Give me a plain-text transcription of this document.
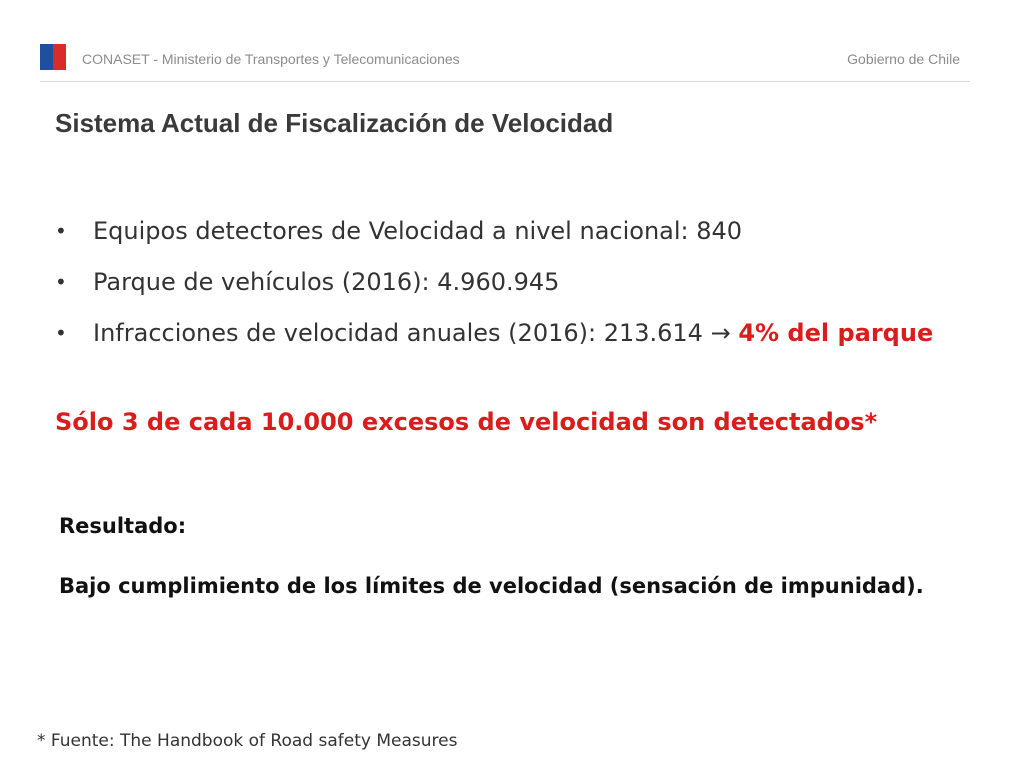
CONASET - Ministerio de Transportes y Telecomunicaciones	Gobierno de Chile
Sistema Actual de Fiscalización de Velocidad
• Equipos detectores de Velocidad a nivel nacional: 840
• Parque de vehículos (2016): 4.960.945
• Infracciones de velocidad anuales (2016): 213.614 → 4% del parque
Sólo 3 de cada 10.000 excesos de velocidad son detectados*
Resultado:
Bajo cumplimiento de los límites de velocidad (sensación de impunidad).
* Fuente: The Handbook of Road safety Measures
